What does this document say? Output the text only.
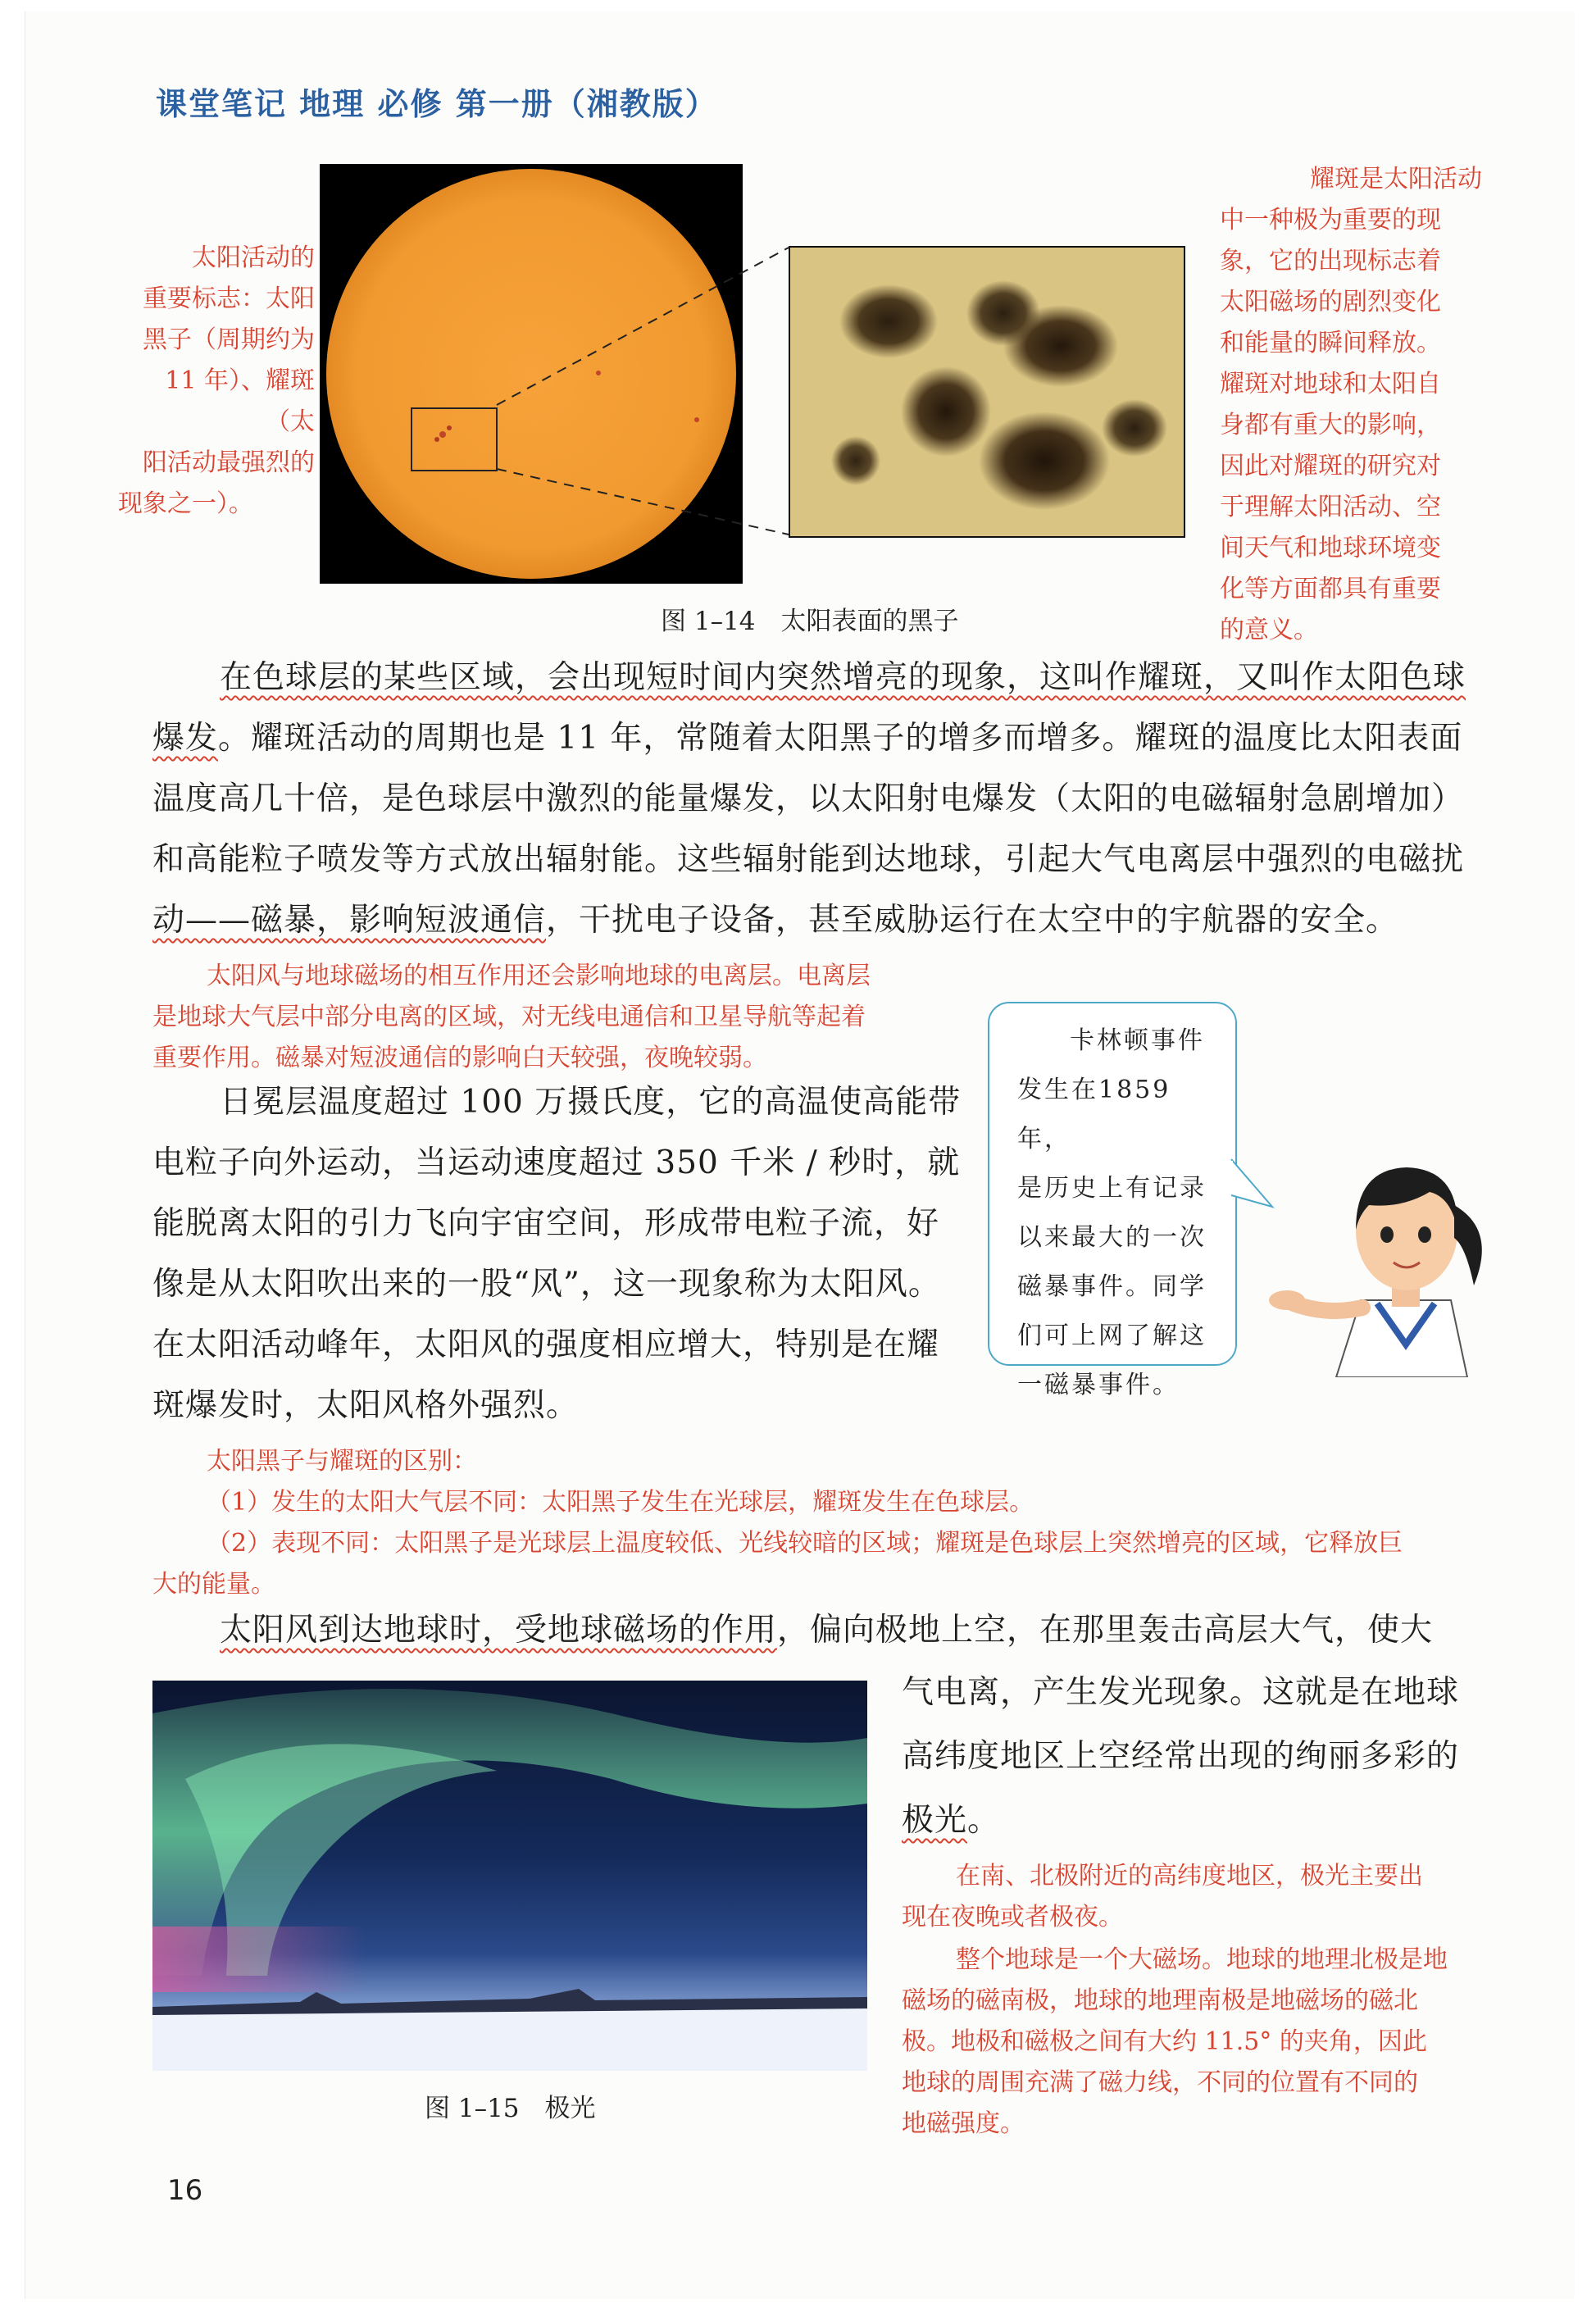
课堂笔记 地理 必修 第一册（湘教版）
太阳活动的
重要标志：太阳
黑子（周期约为
11 年）、耀斑（太
阳活动最强烈的
现象之一）。
图 1–14　太阳表面的黑子
耀斑是太阳活动
中一种极为重要的现
象，它的出现标志着
太阳磁场的剧烈变化
和能量的瞬间释放。
耀斑对地球和太阳自
身都有重大的影响，
因此对耀斑的研究对
于理解太阳活动、空
间天气和地球环境变
化等方面都具有重要
的意义。
在色球层的某些区域，会出现短时间内突然增亮的现象，这叫作耀斑，又叫作太阳色球
爆发。耀斑活动的周期也是 11 年，常随着太阳黑子的增多而增多。耀斑的温度比太阳表面
温度高几十倍，是色球层中激烈的能量爆发，以太阳射电爆发（太阳的电磁辐射急剧增加）
和高能粒子喷发等方式放出辐射能。这些辐射能到达地球，引起大气电离层中强烈的电磁扰
动——磁暴，影响短波通信，干扰电子设备，甚至威胁运行在太空中的宇航器的安全。
太阳风与地球磁场的相互作用还会影响地球的电离层。电离层
是地球大气层中部分电离的区域，对无线电通信和卫星导航等起着
重要作用。磁暴对短波通信的影响白天较强，夜晚较弱。
日冕层温度超过 100 万摄氏度，它的高温使高能带
电粒子向外运动，当运动速度超过 350 千米 / 秒时，就
能脱离太阳的引力飞向宇宙空间，形成带电粒子流，好
像是从太阳吹出来的一股“风”，这一现象称为太阳风。
在太阳活动峰年，太阳风的强度相应增大，特别是在耀
斑爆发时，太阳风格外强烈。
卡林顿事件
发生在1859年，
是历史上有记录
以来最大的一次
磁暴事件。同学
们可上网了解这
一磁暴事件。
太阳黑子与耀斑的区别：
（1）发生的太阳大气层不同：太阳黑子发生在光球层，耀斑发生在色球层。
（2）表现不同：太阳黑子是光球层上温度较低、光线较暗的区域；耀斑是色球层上突然增亮的区域，它释放巨
大的能量。
太阳风到达地球时，受地球磁场的作用，偏向极地上空，在那里轰击高层大气，使大
气电离，产生发光现象。这就是在地球
高纬度地区上空经常出现的绚丽多彩的
极光。
在南、北极附近的高纬度地区，极光主要出
现在夜晚或者极夜。
整个地球是一个大磁场。地球的地理北极是地
磁场的磁南极，地球的地理南极是地磁场的磁北
极。地极和磁极之间有大约 11.5° 的夹角，因此
地球的周围充满了磁力线，不同的位置有不同的
地磁强度。
图 1–15　极光
16
